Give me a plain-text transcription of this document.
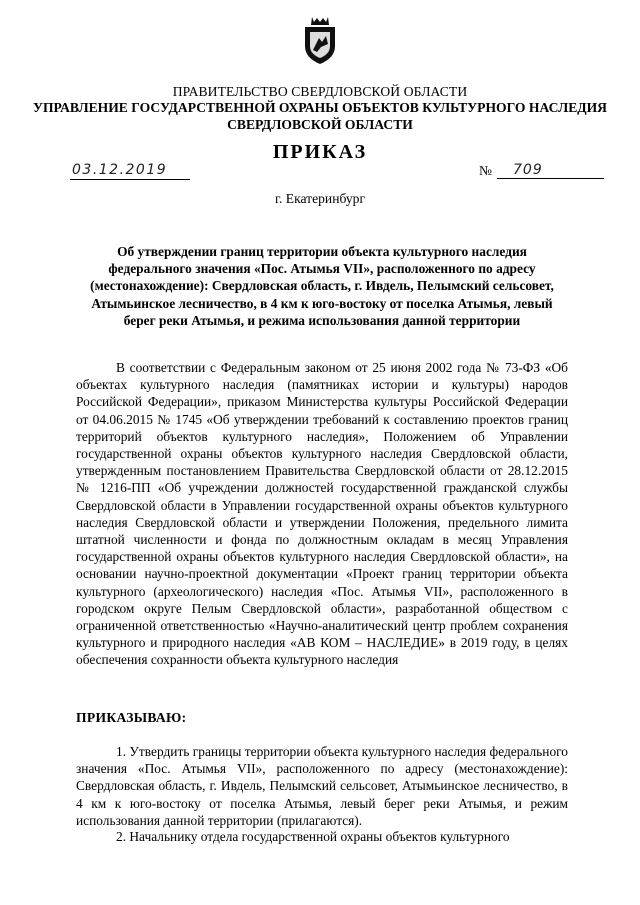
ПРАВИТЕЛЬСТВО СВЕРДЛОВСКОЙ ОБЛАСТИ
УПРАВЛЕНИЕ ГОСУДАРСТВЕННОЙ ОХРАНЫ ОБЪЕКТОВ КУЛЬТУРНОГО НАСЛЕДИЯ
СВЕРДЛОВСКОЙ ОБЛАСТИ
ПРИКАЗ
03.12.2019	№	709
г. Екатеринбург
Об утверждении границ территории объекта культурного наследия федерального значения «Пос. Атымья VII», расположенного по адресу (местонахождение): Свердловская область, г. Ивдель, Пелымский сельсовет, Атымьинское лесничество, в 4 км к юго-востоку от поселка Атымья, левый берег реки Атымья, и режима использования данной территории
В соответствии с Федеральным законом от 25 июня 2002 года № 73-ФЗ «Об объектах культурного наследия (памятниках истории и культуры) народов Российской Федерации», приказом Министерства культуры Российской Федерации от 04.06.2015 № 1745 «Об утверждении требований к составлению проектов границ территорий объектов культурного наследия», Положением об Управлении государственной охраны объектов культурного наследия Свердловской области, утвержденным постановлением Правительства Свердловской области от 28.12.2015 № 1216-ПП «Об учреждении должностей государственной гражданской службы Свердловской области в Управлении государственной охраны объектов культурного наследия Свердловской области и утверждении Положения, предельного лимита штатной численности и фонда по должностным окладам в месяц Управления государственной охраны объектов культурного наследия Свердловской области», на основании научно-проектной документации «Проект границ территории объекта культурного (археологического) наследия «Пос. Атымья VII», расположенного в городском округе Пелым Свердловской области», разработанной обществом с ограниченной ответственностью «Научно-аналитический центр проблем сохранения культурного и природного наследия «АВ КОМ – НАСЛЕДИЕ» в 2019 году, в целях обеспечения сохранности объекта культурного наследия
ПРИКАЗЫВАЮ:
1. Утвердить границы территории объекта культурного наследия федерального значения «Пос. Атымья VII», расположенного по адресу (местонахождение): Свердловская область, г. Ивдель, Пелымский сельсовет, Атымьинское лесничество, в 4 км к юго-востоку от поселка Атымья, левый берег реки Атымья, и режим использования данной территории (прилагаются).
2. Начальнику отдела государственной охраны объектов культурного
